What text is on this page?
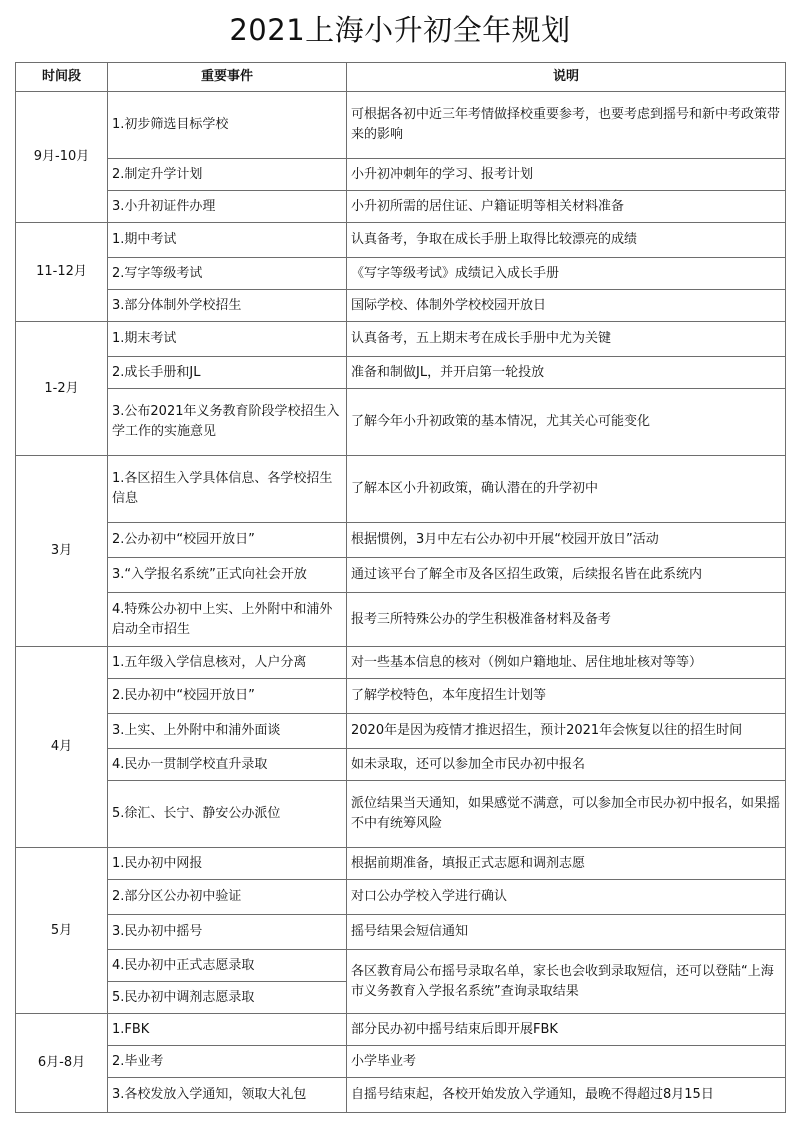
2021上海小升初全年规划
时间段	重要事件	说明
9月-10月	1.初步筛选目标学校	可根据各初中近三年考情做择校重要参考，也要考虑到摇号和新中考政策带来的影响
	2.制定升学计划	小升初冲刺年的学习、报考计划
	3.小升初证件办理	小升初所需的居住证、户籍证明等相关材料准备
11-12月	1.期中考试	认真备考，争取在成长手册上取得比较漂亮的成绩
	2.写字等级考试	《写字等级考试》成绩记入成长手册
	3.部分体制外学校招生	国际学校、体制外学校校园开放日
1-2月	1.期末考试	认真备考，五上期末考在成长手册中尤为关键
	2.成长手册和JL	准备和制做JL，并开启第一轮投放
	3.公布2021年义务教育阶段学校招生入学工作的实施意见	了解今年小升初政策的基本情况，尤其关心可能变化
3月	1.各区招生入学具体信息、各学校招生信息	了解本区小升初政策，确认潜在的升学初中
	2.公办初中“校园开放日”	根据惯例，3月中左右公办初中开展“校园开放日”活动
	3.“入学报名系统”正式向社会开放	通过该平台了解全市及各区招生政策，后续报名皆在此系统内
	4.特殊公办初中上实、上外附中和浦外启动全市招生	报考三所特殊公办的学生积极准备材料及备考
4月	1.五年级入学信息核对，人户分离	对一些基本信息的核对（例如户籍地址、居住地址核对等等）
	2.民办初中“校园开放日”	了解学校特色，本年度招生计划等
	3.上实、上外附中和浦外面谈	2020年是因为疫情才推迟招生，预计2021年会恢复以往的招生时间
	4.民办一贯制学校直升录取	如未录取，还可以参加全市民办初中报名
	5.徐汇、长宁、静安公办派位	派位结果当天通知，如果感觉不满意，可以参加全市民办初中报名，如果摇不中有统筹风险
5月	1.民办初中网报	根据前期准备，填报正式志愿和调剂志愿
	2.部分区公办初中验证	对口公办学校入学进行确认
	3.民办初中摇号	摇号结果会短信通知
	4.民办初中正式志愿录取	各区教育局公布摇号录取名单，家长也会收到录取短信，还可以登陆“上海市义务教育入学报名系统”查询录取结果
	5.民办初中调剂志愿录取	
6月-8月	1.FBK	部分民办初中摇号结束后即开展FBK
	2.毕业考	小学毕业考
	3.各校发放入学通知，领取大礼包	自摇号结束起，各校开始发放入学通知，最晚不得超过8月15日
